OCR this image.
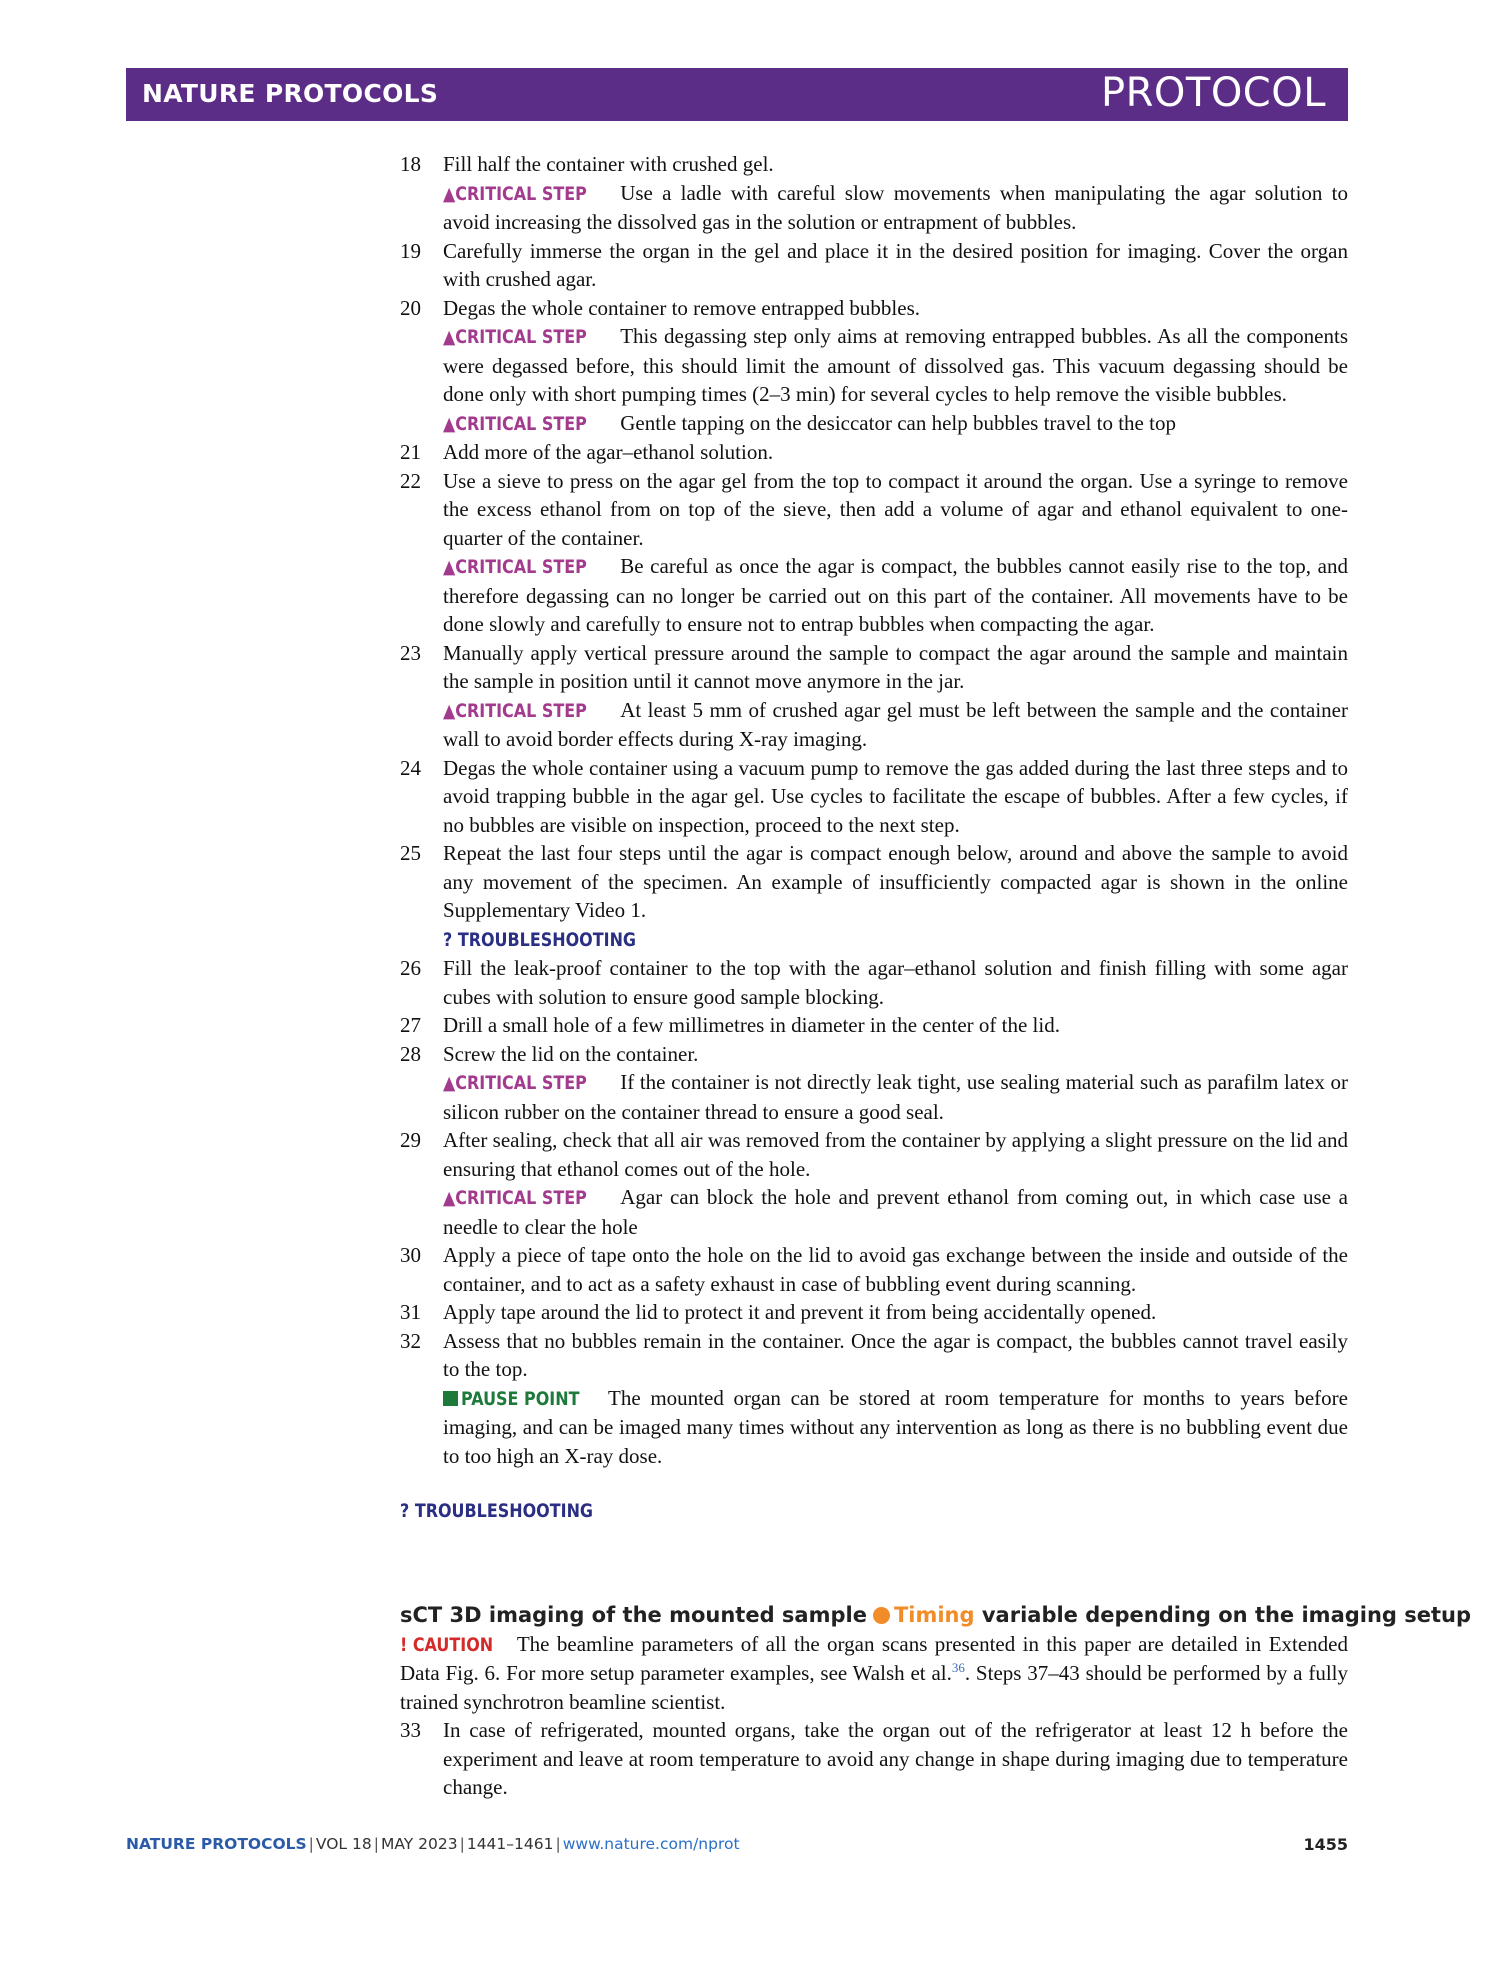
NATURE PROTOCOLS	PROTOCOL
18	Fill half the container with crushed gel.

▲CRITICAL STEP Use a ladle with careful slow movements when manipulating the agar solution to avoid increasing the dissolved gas in the solution or entrapment of bubbles.

19	Carefully immerse the organ in the gel and place it in the desired position for imaging. Cover the organ with crushed agar.

20	Degas the whole container to remove entrapped bubbles.

▲CRITICAL STEP This degassing step only aims at removing entrapped bubbles. As all the components were degassed before, this should limit the amount of dissolved gas. This vacuum degassing should be done only with short pumping times (2–3 min) for several cycles to help remove the visible bubbles.

▲CRITICAL STEP Gentle tapping on the desiccator can help bubbles travel to the top

21	Add more of the agar–ethanol solution.

22	Use a sieve to press on the agar gel from the top to compact it around the organ. Use a syringe to remove the excess ethanol from on top of the sieve, then add a volume of agar and ethanol equivalent to one-quarter of the container.

▲CRITICAL STEP Be careful as once the agar is compact, the bubbles cannot easily rise to the top, and therefore degassing can no longer be carried out on this part of the container. All movements have to be done slowly and carefully to ensure not to entrap bubbles when compacting the agar.

23	Manually apply vertical pressure around the sample to compact the agar around the sample and maintain the sample in position until it cannot move anymore in the jar.

▲CRITICAL STEP At least 5 mm of crushed agar gel must be left between the sample and the container wall to avoid border effects during X-ray imaging.

24	Degas the whole container using a vacuum pump to remove the gas added during the last three steps and to avoid trapping bubble in the agar gel. Use cycles to facilitate the escape of bubbles. After a few cycles, if no bubbles are visible on inspection, proceed to the next step.

25	Repeat the last four steps until the agar is compact enough below, around and above the sample to avoid any movement of the specimen. An example of insufficiently compacted agar is shown in the online Supplementary Video 1.

? TROUBLESHOOTING

26	Fill the leak-proof container to the top with the agar–ethanol solution and finish filling with some agar cubes with solution to ensure good sample blocking.

27	Drill a small hole of a few millimetres in diameter in the center of the lid.

28	Screw the lid on the container.

▲CRITICAL STEP If the container is not directly leak tight, use sealing material such as parafilm latex or silicon rubber on the container thread to ensure a good seal.

29	After sealing, check that all air was removed from the container by applying a slight pressure on the lid and ensuring that ethanol comes out of the hole.

▲CRITICAL STEP Agar can block the hole and prevent ethanol from coming out, in which case use a needle to clear the hole

30	Apply a piece of tape onto the hole on the lid to avoid gas exchange between the inside and outside of the container, and to act as a safety exhaust in case of bubbling event during scanning.

31	Apply tape around the lid to protect it and prevent it from being accidentally opened.

32	Assess that no bubbles remain in the container. Once the agar is compact, the bubbles cannot travel easily to the top.

PAUSE POINT The mounted organ can be stored at room temperature for months to years before imaging, and can be imaged many times without any intervention as long as there is no bubbling event due to too high an X-ray dose.

? TROUBLESHOOTING
sCT 3D imaging of the mounted sample Timing variable depending on the imaging setup

! CAUTION The beamline parameters of all the organ scans presented in this paper are detailed in Extended Data Fig. 6. For more setup parameter examples, see Walsh et al.$^{36}$. Steps 37–43 should be performed by a fully trained synchrotron beamline scientist.

33	In case of refrigerated, mounted organs, take the organ out of the refrigerator at least 12 h before the experiment and leave at room temperature to avoid any change in shape during imaging due to temperature change.

NATURE PROTOCOLS | VOL 18 | MAY 2023 | 1441–1461 | www.nature.com/nprot	1455
